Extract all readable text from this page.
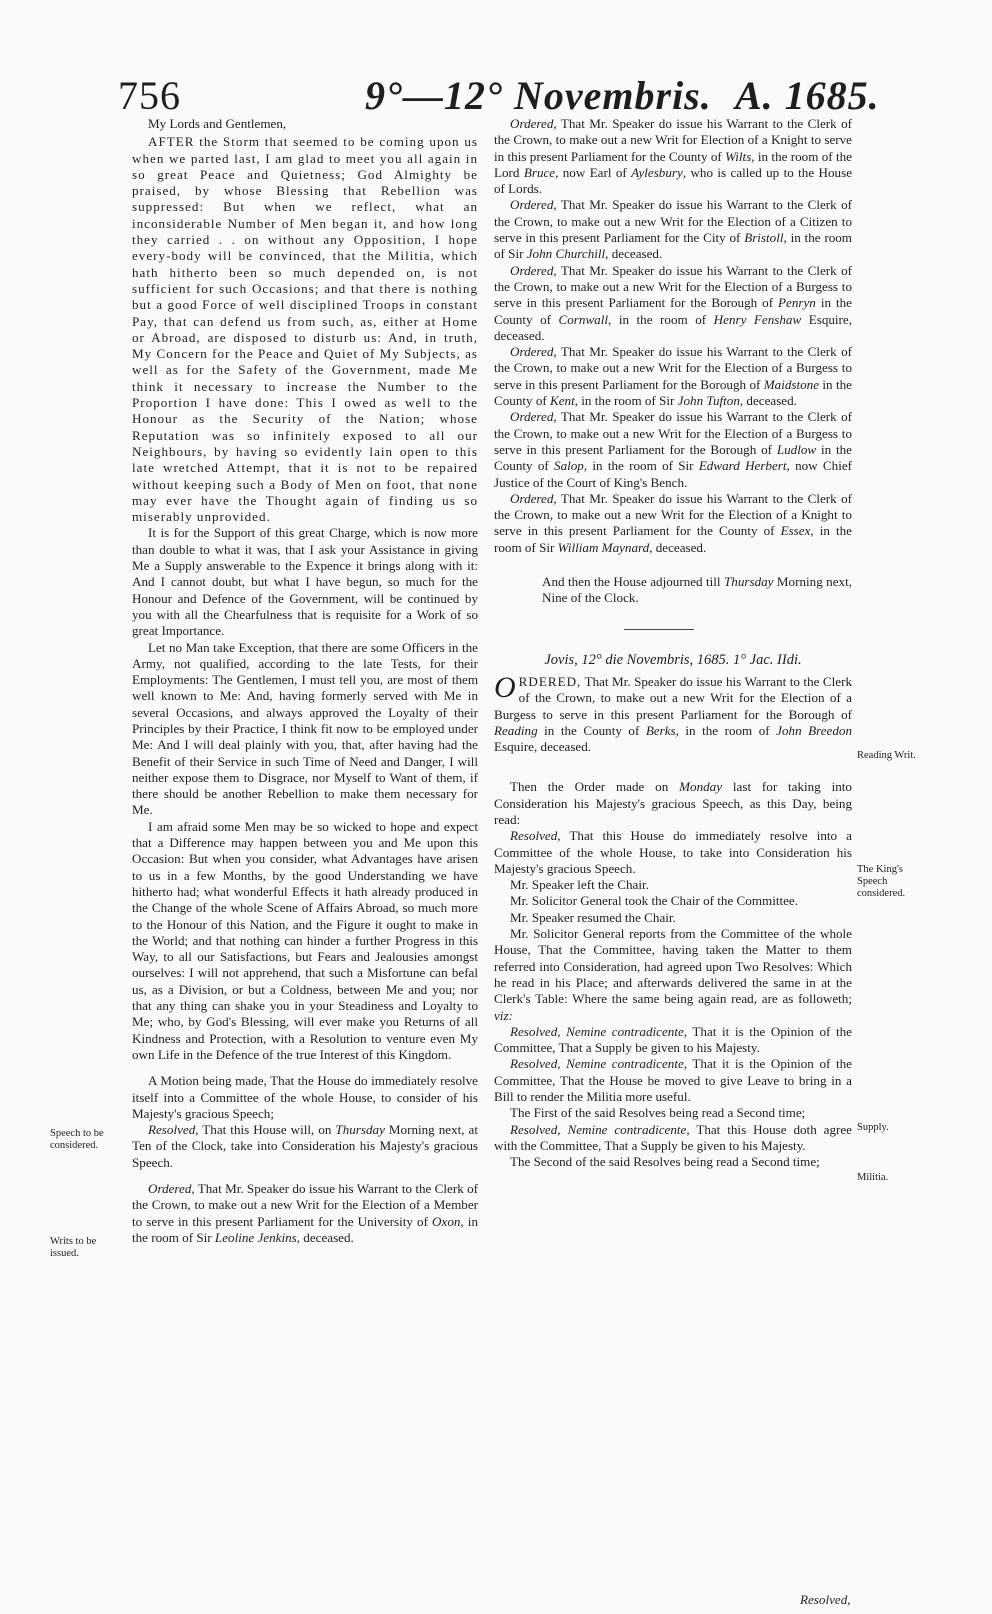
756	9°—12° Novembris. A. 1685.

My Lords and Gentlemen,

AFTER the Storm that seemed to be coming upon us when we parted last, I am glad to meet you all again in so great Peace and Quietness; God Almighty be praised, by whose Blessing that Rebellion was suppressed: But when we reflect, what an inconsiderable Number of Men began it, and how long they carried . . on without any Opposition, I hope every-body will be convinced, that the Militia, which hath hitherto been so much depended on, is not sufficient for such Occasions; and that there is nothing but a good Force of well disciplined Troops in constant Pay, that can defend us from such, as, either at Home or Abroad, are disposed to disturb us: And, in truth, My Concern for the Peace and Quiet of My Subjects, as well as for the Safety of the Government, made Me think it necessary to increase the Number to the Proportion I have done: This I owed as well to the Honour as the Security of the Nation; whose Reputation was so infinitely exposed to all our Neighbours, by having so evidently lain open to this late wretched Attempt, that it is not to be repaired without keeping such a Body of Men on foot, that none may ever have the Thought again of finding us so miserably unprovided.

It is for the Support of this great Charge, which is now more than double to what it was, that I ask your Assistance in giving Me a Supply answerable to the Expence it brings along with it: And I cannot doubt, but what I have begun, so much for the Honour and Defence of the Government, will be continued by you with all the Chearfulness that is requisite for a Work of so great Importance.

Let no Man take Exception, that there are some Officers in the Army, not qualified, according to the late Tests, for their Employments: The Gentlemen, I must tell you, are most of them well known to Me: And, having formerly served with Me in several Occasions, and always approved the Loyalty of their Principles by their Practice, I think fit now to be employed under Me: And I will deal plainly with you, that, after having had the Benefit of their Service in such Time of Need and Danger, I will neither expose them to Disgrace, nor Myself to Want of them, if there should be another Rebellion to make them necessary for Me.

I am afraid some Men may be so wicked to hope and expect that a Difference may happen between you and Me upon this Occasion: But when you consider, what Advantages have arisen to us in a few Months, by the good Understanding we have hitherto had; what wonderful Effects it hath already produced in the Change of the whole Scene of Affairs Abroad, so much more to the Honour of this Nation, and the Figure it ought to make in the World; and that nothing can hinder a further Progress in this Way, to all our Satisfactions, but Fears and Jealousies amongst ourselves: I will not apprehend, that such a Misfortune can befal us, as a Division, or but a Coldness, between Me and you; nor that any thing can shake you in your Steadiness and Loyalty to Me; who, by God's Blessing, will ever make you Returns of all Kindness and Protection, with a Resolution to venture even My own Life in the Defence of the true Interest of this Kingdom.

A Motion being made, That the House do immediately resolve itself into a Committee of the whole House, to consider of his Majesty's gracious Speech;

Resolved, That this House will, on Thursday Morning next, at Ten of the Clock, take into Consideration his Majesty's gracious Speech.

Ordered, That Mr. Speaker do issue his Warrant to the Clerk of the Crown, to make out a new Writ for the Election of a Member to serve in this present Parliament for the University of Oxon, in the room of Sir Leoline Jenkins, deceased.

Ordered, That Mr. Speaker do issue his Warrant to the Clerk of the Crown, to make out a new Writ for Election of a Knight to serve in this present Parliament for the County of Wilts, in the room of the Lord Bruce, now Earl of Aylesbury, who is called up to the House of Lords.

Ordered, That Mr. Speaker do issue his Warrant to the Clerk of the Crown, to make out a new Writ for the Election of a Citizen to serve in this present Parliament for the City of Bristoll, in the room of Sir John Churchill, deceased.

Ordered, That Mr. Speaker do issue his Warrant to the Clerk of the Crown, to make out a new Writ for the Election of a Burgess to serve in this present Parliament for the Borough of Penryn in the County of Cornwall, in the room of Henry Fenshaw Esquire, deceased.

Ordered, That Mr. Speaker do issue his Warrant to the Clerk of the Crown, to make out a new Writ for the Election of a Burgess to serve in this present Parliament for the Borough of Maidstone in the County of Kent, in the room of Sir John Tufton, deceased.

Ordered, That Mr. Speaker do issue his Warrant to the Clerk of the Crown, to make out a new Writ for the Election of a Burgess to serve in this present Parliament for the Borough of Ludlow in the County of Salop, in the room of Sir Edward Herbert, now Chief Justice of the Court of King's Bench.

Ordered, That Mr. Speaker do issue his Warrant to the Clerk of the Crown, to make out a new Writ for the Election of a Knight to serve in this present Parliament for the County of Essex, in the room of Sir William Maynard, deceased.

And then the House adjourned till Thursday Morning next, Nine of the Clock.

Jovis, 12° die Novembris, 1685. 1° Jac. IIdi.

ORDERED, That Mr. Speaker do issue his Warrant to the Clerk of the Crown, to make out a new Writ for the Election of a Burgess to serve in this present Parliament for the Borough of Reading in the County of Berks, in the room of John Breedon Esquire, deceased.

Then the Order made on Monday last for taking into Consideration his Majesty's gracious Speech, as this Day, being read:

Resolved, That this House do immediately resolve into a Committee of the whole House, to take into Consideration his Majesty's gracious Speech.

Mr. Speaker left the Chair.

Mr. Solicitor General took the Chair of the Committee.

Mr. Speaker resumed the Chair.

Mr. Solicitor General reports from the Committee of the whole House, That the Committee, having taken the Matter to them referred into Consideration, had agreed upon Two Resolves: Which he read in his Place; and afterwards delivered the same in at the Clerk's Table: Where the same being again read, are as followeth; viz:

Resolved, Nemine contradicente, That it is the Opinion of the Committee, That a Supply be given to his Majesty.

Resolved, Nemine contradicente, That it is the Opinion of the Committee, That the House be moved to give Leave to bring in a Bill to render the Militia more useful.

The First of the said Resolves being read a Second time;

Resolved, Nemine contradicente, That this House doth agree with the Committee, That a Supply be given to his Majesty.

The Second of the said Resolves being read a Second time;

Resolved,
Speech to be considered.
Writs to be issued.
Reading Writ.
The King's Speech considered.
Supply.
Militia.
